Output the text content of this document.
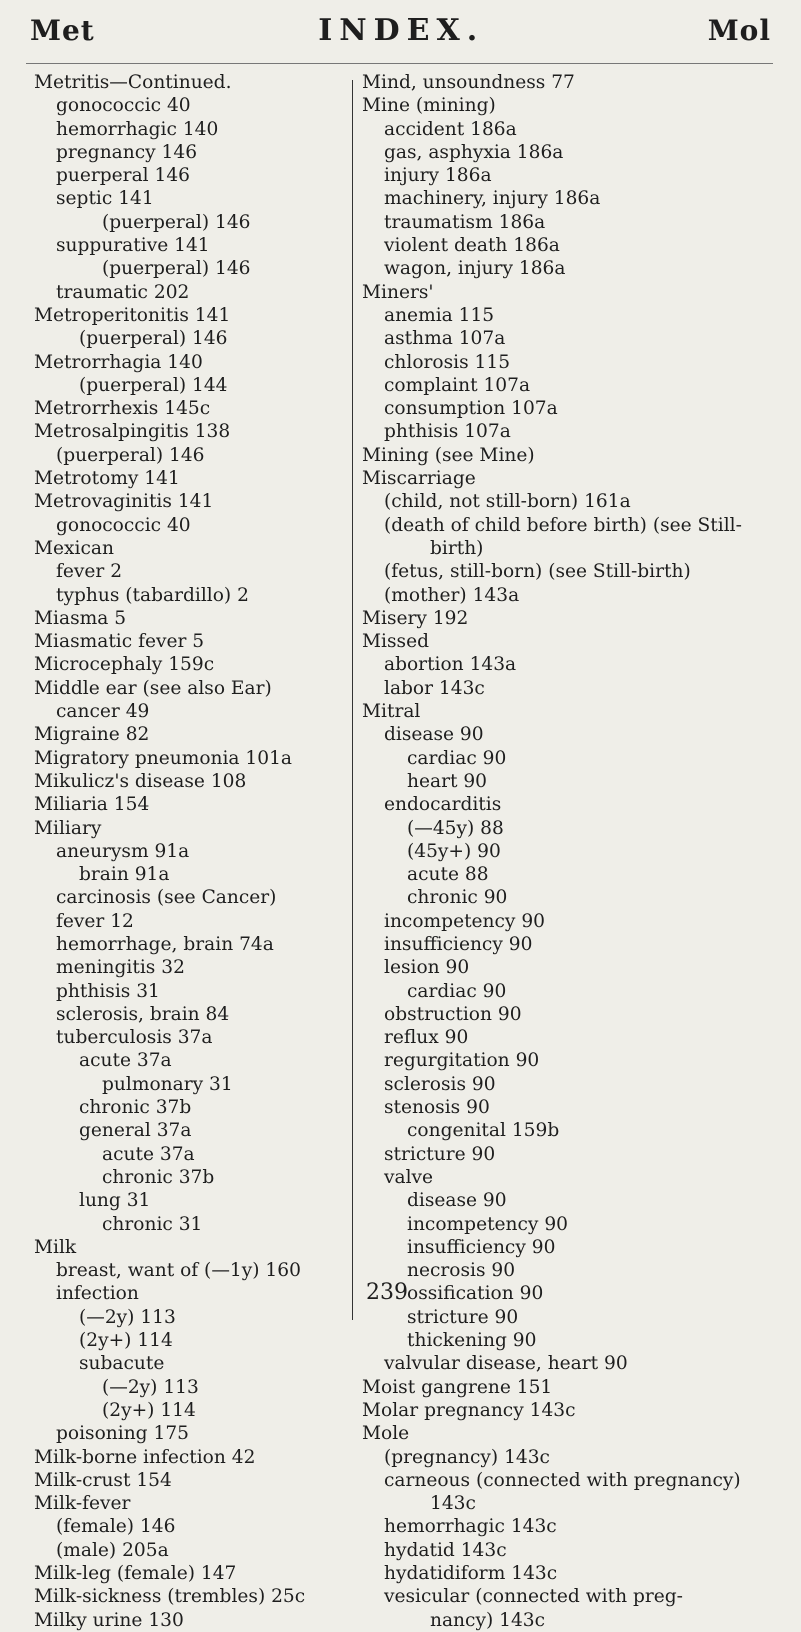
Met	INDEX.	Mol
Metritis—Continued.
gonococcic 40
hemorrhagic 140
pregnancy 146
puerperal 146
septic 141
(puerperal) 146
suppurative 141
(puerperal) 146
traumatic 202
Metroperitonitis 141
(puerperal) 146
Metrorrhagia 140
(puerperal) 144
Metrorrhexis 145c
Metrosalpingitis 138
(puerperal) 146
Metrotomy 141
Metrovaginitis 141
gonococcic 40
Mexican
fever 2
typhus (tabardillo) 2
Miasma 5
Miasmatic fever 5
Microcephaly 159c
Middle ear (see also Ear)
cancer 49
Migraine 82
Migratory pneumonia 101a
Mikulicz's disease 108
Miliaria 154
Miliary
aneurysm 91a
brain 91a
carcinosis (see Cancer)
fever 12
hemorrhage, brain 74a
meningitis 32
phthisis 31
sclerosis, brain 84
tuberculosis 37a
acute 37a
pulmonary 31
chronic 37b
general 37a
acute 37a
chronic 37b
lung 31
chronic 31
Milk
breast, want of (—1y) 160
infection
(—2y) 113
(2y+) 114
subacute
(—2y) 113
(2y+) 114
poisoning 175
Milk-borne infection 42
Milk-crust 154
Milk-fever
(female) 146
(male) 205a
Milk-leg (female) 147
Milk-sickness (trembles) 25c
Milky urine 130
Mind, unsoundness 77
Mine (mining)
accident 186a
gas, asphyxia 186a
injury 186a
machinery, injury 186a
traumatism 186a
violent death 186a
wagon, injury 186a
Miners'
anemia 115
asthma 107a
chlorosis 115
complaint 107a
consumption 107a
phthisis 107a
Mining (see Mine)
Miscarriage
(child, not still-born) 161a
(death of child before birth) (see Still-
birth)
(fetus, still-born) (see Still-birth)
(mother) 143a
Misery 192
Missed
abortion 143a
labor 143c
Mitral
disease 90
cardiac 90
heart 90
endocarditis
(—45y) 88
(45y+) 90
acute 88
chronic 90
incompetency 90
insufficiency 90
lesion 90
cardiac 90
obstruction 90
reflux 90
regurgitation 90
sclerosis 90
stenosis 90
congenital 159b
stricture 90
valve
disease 90
incompetency 90
insufficiency 90
necrosis 90
ossification 90
stricture 90
thickening 90
valvular disease, heart 90
Moist gangrene 151
Molar pregnancy 143c
Mole
(pregnancy) 143c
carneous (connected with pregnancy)
143c
hemorrhagic 143c
hydatid 143c
hydatidiform 143c
vesicular (connected with preg-
nancy) 143c
239
